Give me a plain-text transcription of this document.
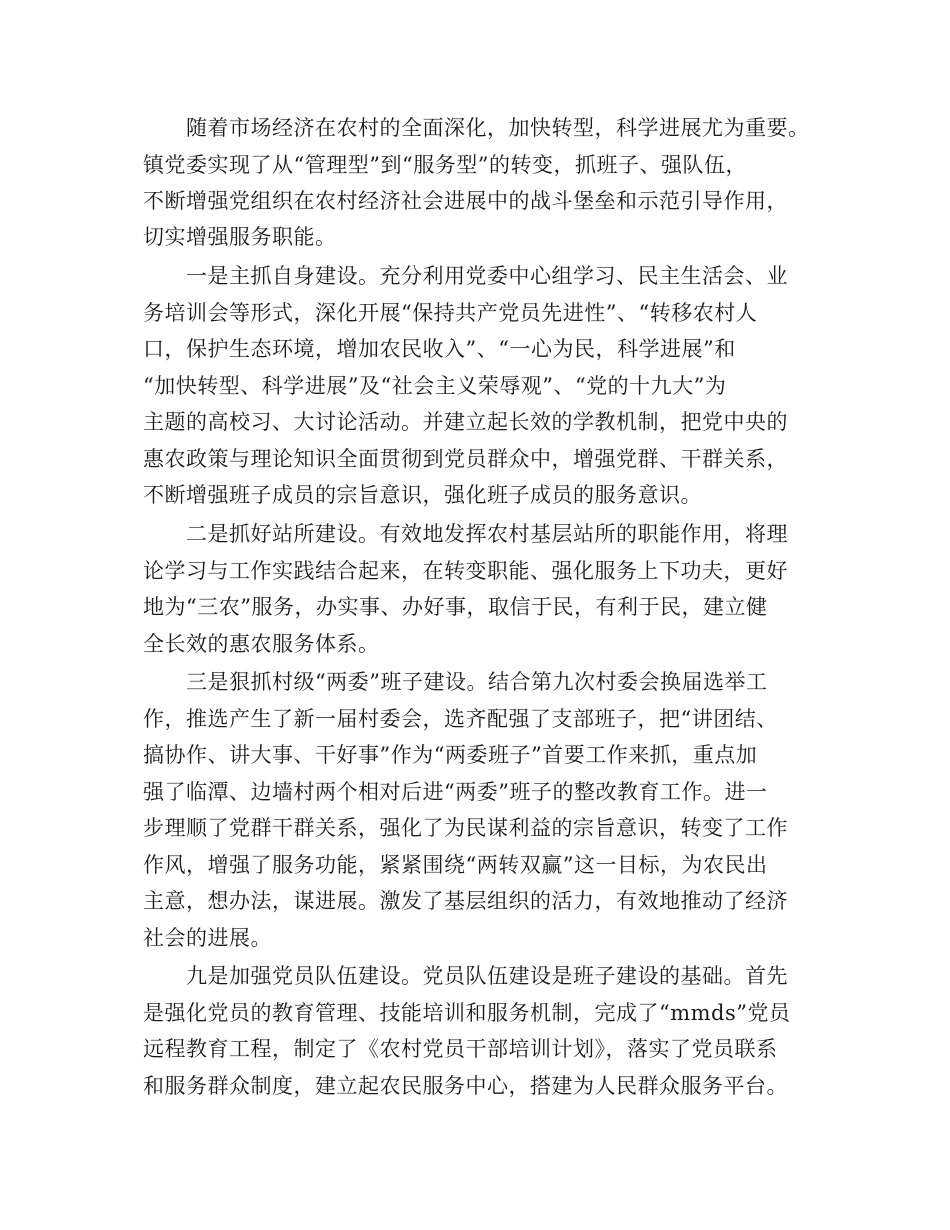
随着市场经济在农村的全面深化，加快转型，科学进展尤为重要。
镇党委实现了从“管理型”到“服务型”的转变，抓班子、强队伍，
不断增强党组织在农村经济社会进展中的战斗堡垒和示范引导作用，
切实增强服务职能。
一是主抓自身建设。充分利用党委中心组学习、民主生活会、业
务培训会等形式，深化开展“保持共产党员先进性”、“转移农村人
口，保护生态环境，增加农民收入”、“一心为民，科学进展”和
“加快转型、科学进展”及“社会主义荣辱观”、“党的十九大”为
主题的高校习、大讨论活动。并建立起长效的学教机制，把党中央的
惠农政策与理论知识全面贯彻到党员群众中，增强党群、干群关系，
不断增强班子成员的宗旨意识，强化班子成员的服务意识。
二是抓好站所建设。有效地发挥农村基层站所的职能作用，将理
论学习与工作实践结合起来，在转变职能、强化服务上下功夫，更好
地为“三农”服务，办实事、办好事，取信于民，有利于民，建立健
全长效的惠农服务体系。
三是狠抓村级“两委”班子建设。结合第九次村委会换届选举工
作，推选产生了新一届村委会，选齐配强了支部班子，把“讲团结、
搞协作、讲大事、干好事”作为“两委班子”首要工作来抓，重点加
强了临潭、边墙村两个相对后进“两委”班子的整改教育工作。进一
步理顺了党群干群关系，强化了为民谋利益的宗旨意识，转变了工作
作风，增强了服务功能，紧紧围绕“两转双赢”这一目标，为农民出
主意，想办法，谋进展。激发了基层组织的活力，有效地推动了经济
社会的进展。
九是加强党员队伍建设。党员队伍建设是班子建设的基础。首先
是强化党员的教育管理、技能培训和服务机制，完成了“mmds”党员
远程教育工程，制定了《农村党员干部培训计划》，落实了党员联系
和服务群众制度，建立起农民服务中心，搭建为人民群众服务平台。
